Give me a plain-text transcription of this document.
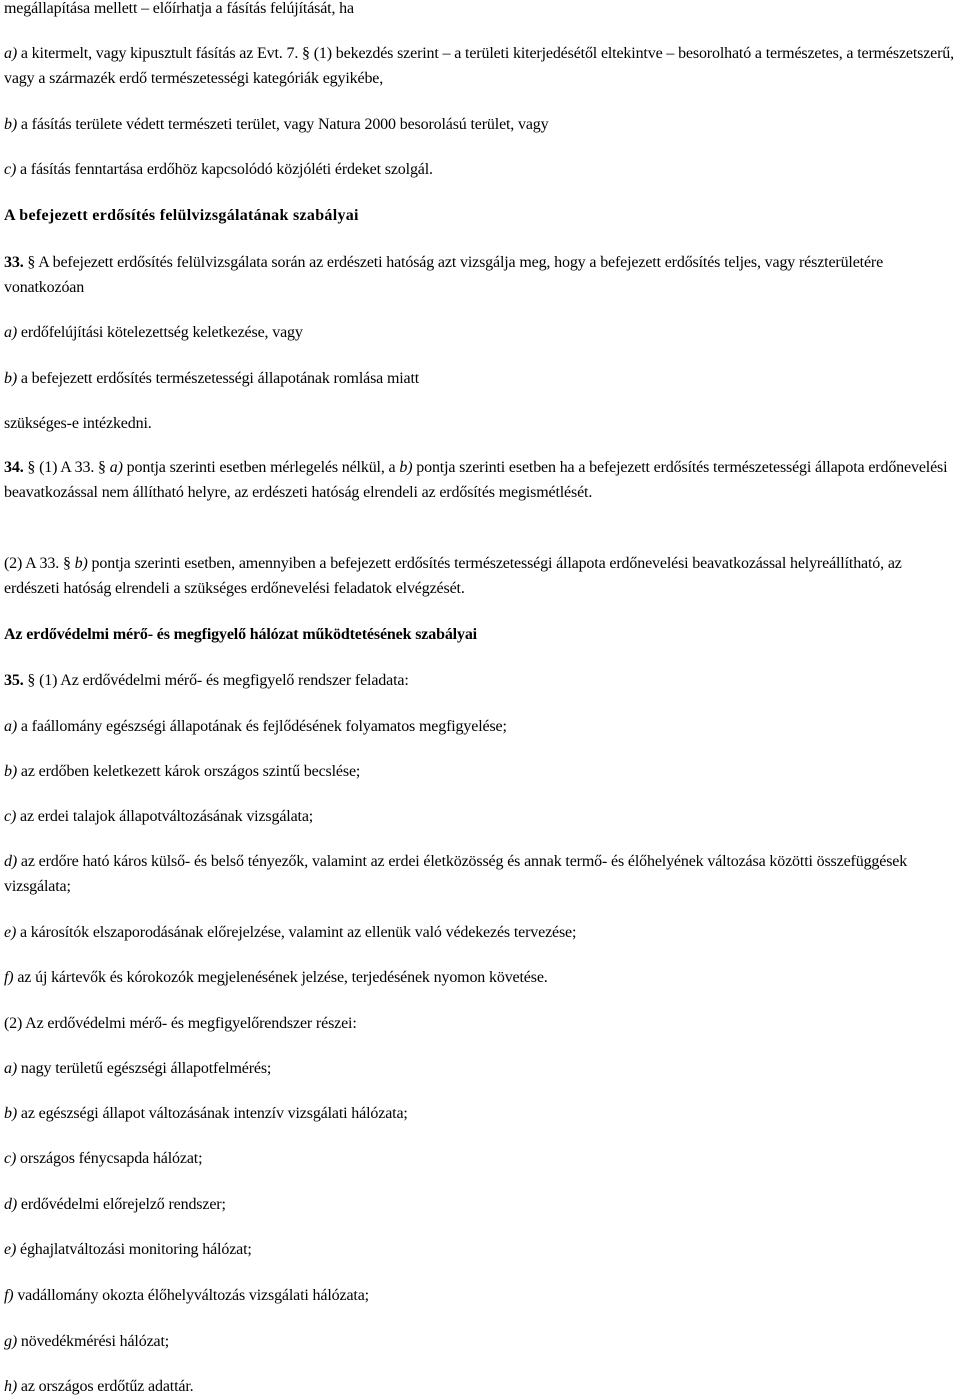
megállapítása mellett – előírhatja a fásítás felújítását, ha

a) a kitermelt, vagy kipusztult fásítás az Evt. 7. § (1) bekezdés szerint – a területi kiterjedésétől eltekintve – besorolható a természetes, a természetszerű, vagy a származék erdő természetességi kategóriák egyikébe,

b) a fásítás területe védett természeti terület, vagy Natura 2000 besorolású terület, vagy

c) a fásítás fenntartása erdőhöz kapcsolódó közjóléti érdeket szolgál.

A befejezett erdősítés felülvizsgálatának szabályai

33. § A befejezett erdősítés felülvizsgálata során az erdészeti hatóság azt vizsgálja meg, hogy a befejezett erdősítés teljes, vagy részterületére vonatkozóan

a) erdőfelújítási kötelezettség keletkezése, vagy

b) a befejezett erdősítés természetességi állapotának romlása miatt

szükséges-e intézkedni.

34. § (1) A 33. § a) pontja szerinti esetben mérlegelés nélkül, a b) pontja szerinti esetben ha a befejezett erdősítés természetességi állapota erdőnevelési beavatkozással nem állítható helyre, az erdészeti hatóság elrendeli az erdősítés megismétlését.

(2) A 33. § b) pontja szerinti esetben, amennyiben a befejezett erdősítés természetességi állapota erdőnevelési beavatkozással helyreállítható, az erdészeti hatóság elrendeli a szükséges erdőnevelési feladatok elvégzését.

Az erdővédelmi mérő- és megfigyelő hálózat működtetésének szabályai

35. § (1) Az erdővédelmi mérő- és megfigyelő rendszer feladata:

a) a faállomány egészségi állapotának és fejlődésének folyamatos megfigyelése;

b) az erdőben keletkezett károk országos szintű becslése;

c) az erdei talajok állapotváltozásának vizsgálata;

d) az erdőre ható káros külső- és belső tényezők, valamint az erdei életközösség és annak termő- és élőhelyének változása közötti összefüggések vizsgálata;

e) a károsítók elszaporodásának előrejelzése, valamint az ellenük való védekezés tervezése;

f) az új kártevők és kórokozók megjelenésének jelzése, terjedésének nyomon követése.

(2) Az erdővédelmi mérő- és megfigyelőrendszer részei:

a) nagy területű egészségi állapotfelmérés;

b) az egészségi állapot változásának intenzív vizsgálati hálózata;

c) országos fénycsapda hálózat;

d) erdővédelmi előrejelző rendszer;

e) éghajlatváltozási monitoring hálózat;

f) vadállomány okozta élőhelyváltozás vizsgálati hálózata;

g) növedékmérési hálózat;

h) az országos erdőtűz adattár.
